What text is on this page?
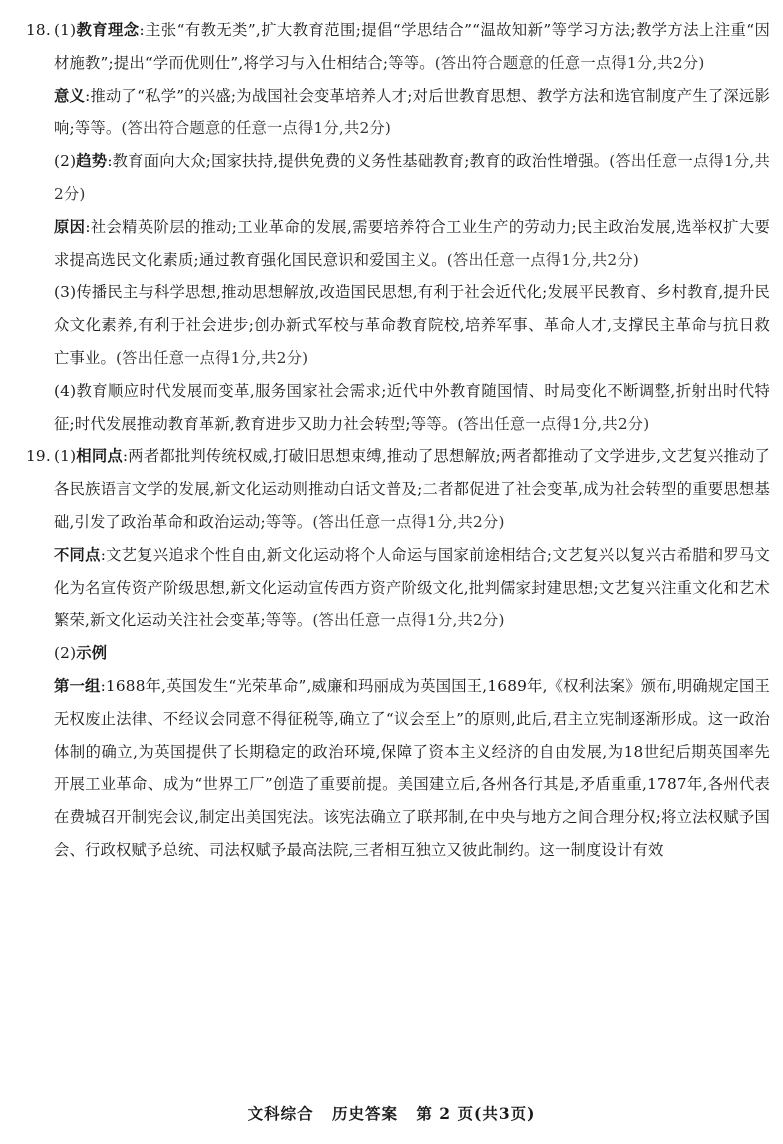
18. (1)教育理念:主张“有教无类”,扩大教育范围;提倡“学思结合”“温故知新”等学习方法;教学方法上注重“因材施教”;提出“学而优则仕”,将学习与入仕相结合;等等。(答出符合题意的任意一点得1分,共2分)

意义:推动了“私学”的兴盛;为战国社会变革培养人才;对后世教育思想、教学方法和选官制度产生了深远影响;等等。(答出符合题意的任意一点得1分,共2分)

(2)趋势:教育面向大众;国家扶持,提供免费的义务性基础教育;教育的政治性增强。(答出任意一点得1分,共2分)

原因:社会精英阶层的推动;工业革命的发展,需要培养符合工业生产的劳动力;民主政治发展,选举权扩大要求提高选民文化素质;通过教育强化国民意识和爱国主义。(答出任意一点得1分,共2分)

(3)传播民主与科学思想,推动思想解放,改造国民思想,有利于社会近代化;发展平民教育、乡村教育,提升民众文化素养,有利于社会进步;创办新式军校与革命教育院校,培养军事、革命人才,支撑民主革命与抗日救亡事业。(答出任意一点得1分,共2分)

(4)教育顺应时代发展而变革,服务国家社会需求;近代中外教育随国情、时局变化不断调整,折射出时代特征;时代发展推动教育革新,教育进步又助力社会转型;等等。(答出任意一点得1分,共2分)

19. (1)相同点:两者都批判传统权威,打破旧思想束缚,推动了思想解放;两者都推动了文学进步,文艺复兴推动了各民族语言文学的发展,新文化运动则推动白话文普及;二者都促进了社会变革,成为社会转型的重要思想基础,引发了政治革命和政治运动;等等。(答出任意一点得1分,共2分)

不同点:文艺复兴追求个性自由,新文化运动将个人命运与国家前途相结合;文艺复兴以复兴古希腊和罗马文化为名宣传资产阶级思想,新文化运动宣传西方资产阶级文化,批判儒家封建思想;文艺复兴注重文化和艺术繁荣,新文化运动关注社会变革;等等。(答出任意一点得1分,共2分)

(2)示例

第一组:1688年,英国发生“光荣革命”,威廉和玛丽成为英国国王,1689年,《权利法案》颁布,明确规定国王无权废止法律、不经议会同意不得征税等,确立了“议会至上”的原则,此后,君主立宪制逐渐形成。这一政治体制的确立,为英国提供了长期稳定的政治环境,保障了资本主义经济的自由发展,为18世纪后期英国率先开展工业革命、成为“世界工厂”创造了重要前提。美国建立后,各州各行其是,矛盾重重,1787年,各州代表在费城召开制宪会议,制定出美国宪法。该宪法确立了联邦制,在中央与地方之间合理分权;将立法权赋予国会、行政权赋予总统、司法权赋予最高法院,三者相互独立又彼此制约。这一制度设计有效

文科综合 历史答案 第 2 页(共3页)
